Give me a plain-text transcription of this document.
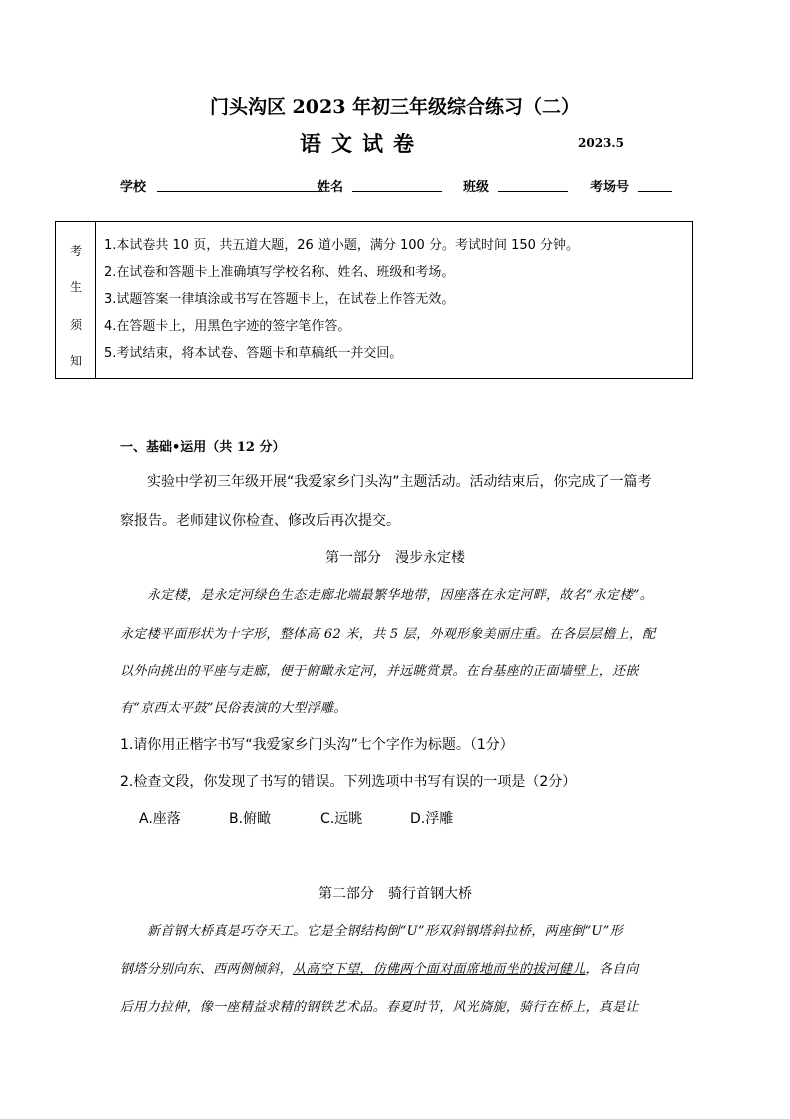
门头沟区 2023 年初三年级综合练习（二）
语文试卷	2023.5
学校	姓名	班级	考场号
考
生
须
知
1.本试卷共 10 页，共五道大题，26 道小题，满分 100 分。考试时间 150 分钟。
2.在试卷和答题卡上准确填写学校名称、姓名、班级和考场。
3.试题答案一律填涂或书写在答题卡上，在试卷上作答无效。
4.在答题卡上，用黑色字迹的签字笔作答。
5.考试结束，将本试卷、答题卡和草稿纸一并交回。
一、基础•运用（共 12 分）
实验中学初三年级开展“我爱家乡门头沟”主题活动。活动结束后，你完成了一篇考
察报告。老师建议你检查、修改后再次提交。
第一部分　漫步永定楼
永定楼，是永定河绿色生态走廊北端最繁华地带，因座落在永定河畔，故名“永定楼”。
永定楼平面形状为十字形，整体高 62 米，共 5 层，外观形象美丽庄重。在各层层檐上，配
以外向挑出的平座与走廊，便于俯瞰永定河，并远眺赏景。在台基座的正面墙壁上，还嵌
有“京西太平鼓”民俗表演的大型浮雕。
1.请你用正楷字书写“我爱家乡门头沟”七个字作为标题。（1分）
2.检查文段，你发现了书写的错误。下列选项中书写有误的一项是（2分）
A.座落	B.俯瞰	C.远眺	D.浮雕
第二部分　骑行首钢大桥
新首钢大桥真是巧夺天工。它是全钢结构倒“U”形双斜钢塔斜拉桥，两座倒“U”形
钢塔分别向东、西两侧倾斜，从高空下望，仿佛两个面对面席地而坐的拔河健儿，各自向
后用力拉伸，像一座精益求精的钢铁艺术品。春夏时节，风光旖旎，骑行在桥上，真是让
